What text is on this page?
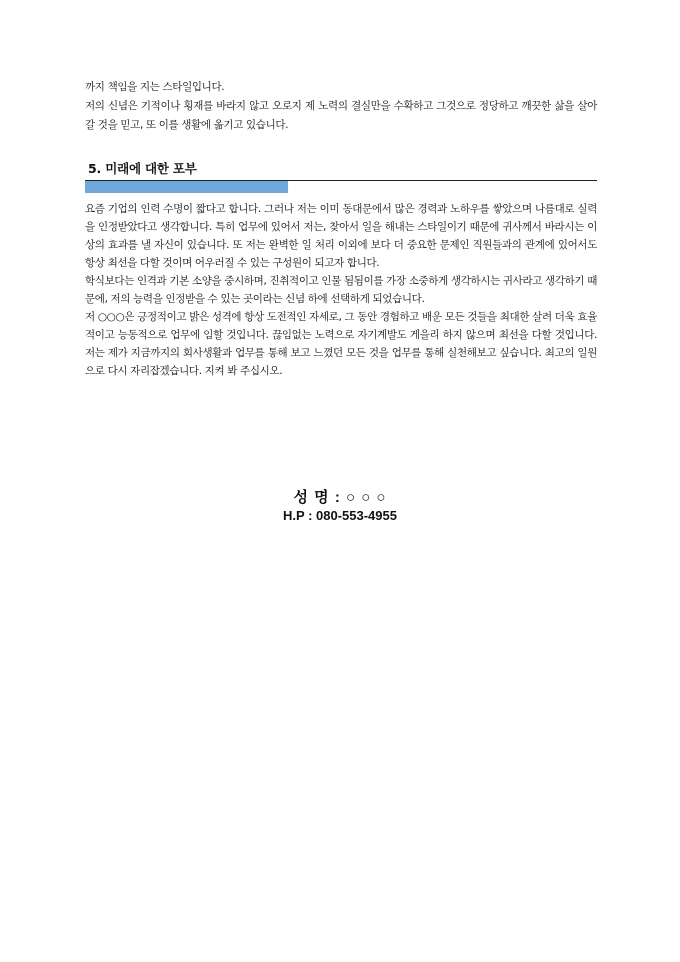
까지 책임을 지는 스타일입니다.

저의 신념은 기적이나 횡재를 바라지 않고 오로지 제 노력의 결실만을 수확하고 그것으로 정당하고 깨끗한 삶을 살아갈 것을 믿고, 또 이를 생활에 옮기고 있습니다.

5. 미래에 대한 포부

요즘 기업의 인력 수명이 짧다고 합니다. 그러나 저는 이미 동대문에서 많은 경력과 노하우를 쌓았으며 나름대로 실력을 인정받았다고 생각합니다. 특히 업무에 있어서 저는, 찾아서 일을 해내는 스타일이기 때문에 귀사께서 바라시는 이상의 효과를 낼 자신이 있습니다. 또 저는 완벽한 일 처리 이외에 보다 더 중요한 문제인 직원들과의 관계에 있어서도 항상 최선을 다할 것이며 어우러질 수 있는 구성원이 되고자 합니다.

학식보다는 인격과 기본 소양을 중시하며, 진취적이고 인물 됨됨이를 가장 소중하게 생각하시는 귀사라고 생각하기 때문에, 저의 능력을 인정받을 수 있는 곳이라는 신념 하에 선택하게 되었습니다.

저 ○○○은 긍정적이고 밝은 성격에 항상 도전적인 자세로, 그 동안 경험하고 배운 모든 것들을 최대한 살려 더욱 효율적이고 능동적으로 업무에 임할 것입니다. 끊임없는 노력으로 자기계발도 게을리 하지 않으며 최선을 다할 것입니다. 저는 제가 지금까지의 회사생활과 업무를 통해 보고 느꼈던 모든 것을 업무를 통해 실천해보고 싶습니다. 최고의 일원으로 다시 자리잡겠습니다. 지켜 봐 주십시오.

성 명 : ○ ○ ○
H.P : 080-553-4955
